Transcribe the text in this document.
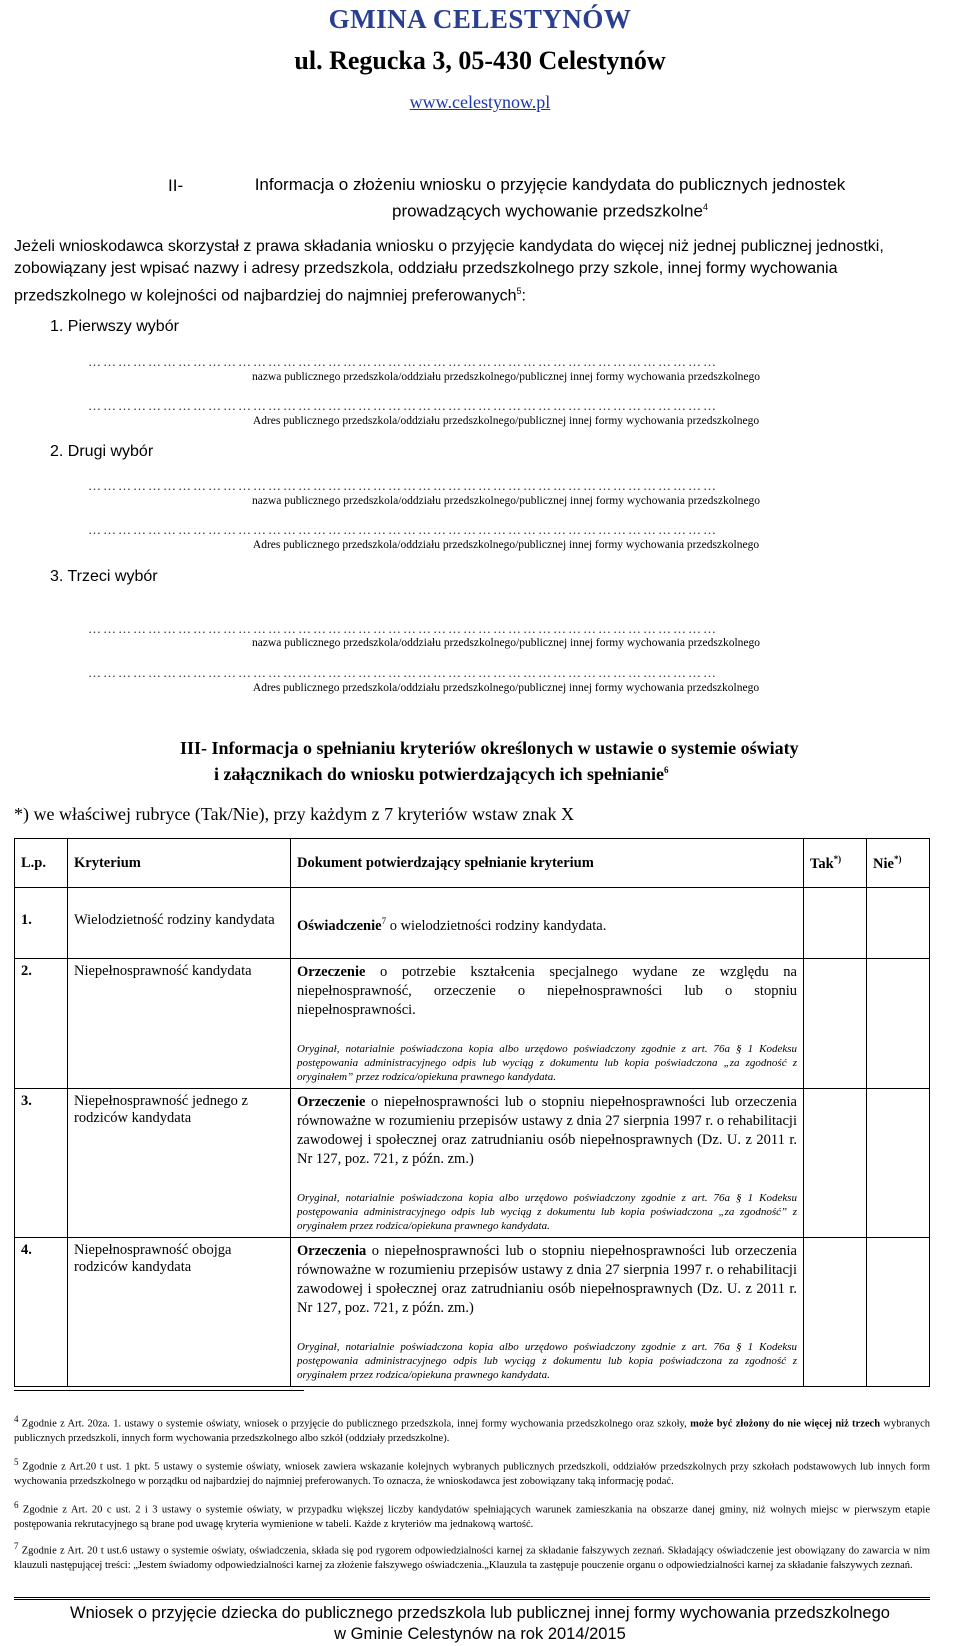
GMINA CELESTYNÓW
ul. Regucka 3, 05-430 Celestynów
www.celestynow.pl
II-	Informacja o złożeniu wniosku o przyjęcie kandydata do publicznych jednostek prowadzących wychowanie przedszkolne$^4$
Jeżeli wnioskodawca skorzystał z prawa składania wniosku o przyjęcie kandydata do więcej niż jednej publicznej jednostki, zobowiązany jest wpisać nazwy i adresy przedszkola, oddziału przedszkolnego przy szkole, innej formy wychowania przedszkolnego w kolejności od najbardziej do najmniej preferowanych$^5$:
1. Pierwszy wybór
………………………………………………………………………………………………………………
nazwa publicznego przedszkola/oddziału przedszkolnego/publicznej innej formy wychowania przedszkolnego
………………………………………………………………………………………………………………
Adres publicznego przedszkola/oddziału przedszkolnego/publicznej innej formy wychowania przedszkolnego
2. Drugi wybór
………………………………………………………………………………………………………………
nazwa publicznego przedszkola/oddziału przedszkolnego/publicznej innej formy wychowania przedszkolnego
………………………………………………………………………………………………………………
Adres publicznego przedszkola/oddziału przedszkolnego/publicznej innej formy wychowania przedszkolnego
3. Trzeci wybór
………………………………………………………………………………………………………………
nazwa publicznego przedszkola/oddziału przedszkolnego/publicznej innej formy wychowania przedszkolnego
………………………………………………………………………………………………………………
Adres publicznego przedszkola/oddziału przedszkolnego/publicznej innej formy wychowania przedszkolnego
III- Informacja o spełnianiu kryteriów określonych w ustawie o systemie oświaty
i załącznikach do wniosku potwierdzających ich spełnianie$^6$
*) we właściwej rubryce (Tak/Nie), przy każdym z 7 kryteriów wstaw znak X
L.p.	Kryterium	Dokument potwierdzający spełnianie kryterium	Tak*)	Nie*)
1.	Wielodzietność rodziny kandydata	Oświadczenie$^7$ o wielodzietności rodziny kandydata.		

2.	Niepełnosprawność kandydata	Orzeczenie o potrzebie kształcenia specjalnego wydane ze względu na niepełnosprawność, orzeczenie o niepełnosprawności lub o stopniu niepełnosprawności.
Oryginał, notarialnie poświadczona kopia albo urzędowo poświadczony zgodnie z art. 76a § 1 Kodeksu postępowania administracyjnego odpis lub wyciąg z dokumentu lub kopia poświadczona „za zgodność z oryginałem” przez rodzica/opiekuna prawnego kandydata.		

3.	Niepełnosprawność jednego z rodziców kandydata	Orzeczenie o niepełnosprawności lub o stopniu niepełnosprawności lub orzeczenia równoważne w rozumieniu przepisów ustawy z dnia 27 sierpnia 1997 r. o rehabilitacji zawodowej i społecznej oraz zatrudnianiu osób niepełnosprawnych (Dz. U. z 2011 r. Nr 127, poz. 721, z późn. zm.)
Oryginał, notarialnie poświadczona kopia albo urzędowo poświadczony zgodnie z art. 76a § 1 Kodeksu postępowania administracyjnego odpis lub wyciąg z dokumentu lub kopia poświadczona „za zgodność” z oryginałem przez rodzica/opiekuna prawnego kandydata.		

4.	Niepełnosprawność obojga rodziców kandydata	Orzeczenia o niepełnosprawności lub o stopniu niepełnosprawności lub orzeczenia równoważne w rozumieniu przepisów ustawy z dnia 27 sierpnia 1997 r. o rehabilitacji zawodowej i społecznej oraz zatrudnianiu osób niepełnosprawnych (Dz. U. z 2011 r. Nr 127, poz. 721, z późn. zm.)
Oryginał, notarialnie poświadczona kopia albo urzędowo poświadczony zgodnie z art. 76a § 1 Kodeksu postępowania administracyjnego odpis lub wyciąg z dokumentu lub kopia poświadczona za zgodność z oryginałem przez rodzica/opiekuna prawnego kandydata.		

$^4$ Zgodnie z Art. 20za. 1. ustawy o systemie oświaty, wniosek o przyjęcie do publicznego przedszkola, innej formy wychowania przedszkolnego oraz szkoły, może być złożony do nie więcej niż trzech wybranych publicznych przedszkoli, innych form wychowania przedszkolnego albo szkół (oddziały przedszkolne).
$^5$ Zgodnie z Art.20 t ust. 1 pkt. 5 ustawy o systemie oświaty, wniosek zawiera wskazanie kolejnych wybranych publicznych przedszkoli, oddziałów przedszkolnych przy szkołach podstawowych lub innych form wychowania przedszkolnego w porządku od najbardziej do najmniej preferowanych. To oznacza, że wnioskodawca jest zobowiązany taką informację podać.
$^6$ Zgodnie z Art. 20 c ust. 2 i 3 ustawy o systemie oświaty, w przypadku większej liczby kandydatów spełniających warunek zamieszkania na obszarze danej gminy, niż wolnych miejsc w pierwszym etapie postępowania rekrutacyjnego są brane pod uwagę kryteria wymienione w tabeli. Każde z kryteriów ma jednakową wartość.
$^7$ Zgodnie z Art. 20 t ust.6 ustawy o systemie oświaty, oświadczenia, składa się pod rygorem odpowiedzialności karnej za składanie fałszywych zeznań. Składający oświadczenie jest obowiązany do zawarcia w nim klauzuli następującej treści: „Jestem świadomy odpowiedzialności karnej za złożenie fałszywego oświadczenia.„Klauzula ta zastępuje pouczenie organu o odpowiedzialności karnej za składanie fałszywych zeznań.
Wniosek o przyjęcie dziecka do publicznego przedszkola lub publicznej innej formy wychowania przedszkolnego
w Gminie Celestynów na rok 2014/2015
